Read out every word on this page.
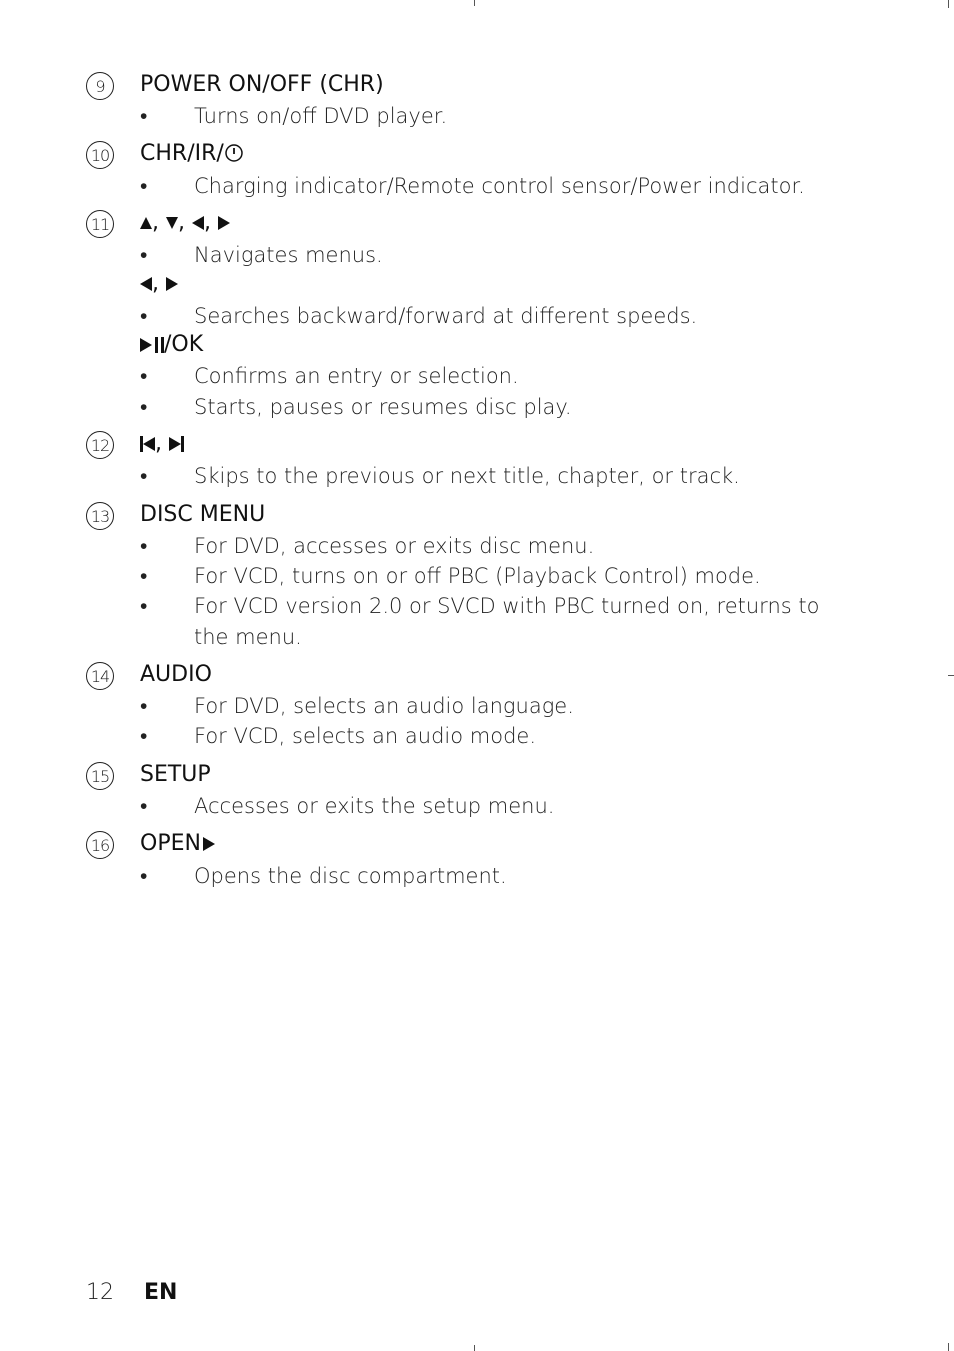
9	POWER ON/OFF (CHR)
•	Turns on/off DVD player.
10 CHR/IR/
•	Charging indicator/Remote control sensor/Power indicator.
11	, , ,
•	Navigates menus.
,
•	Searches backward/forward at different speeds.
/OK
•	Confirms an entry or selection.
•	Starts, pauses or resumes disc play.
12	,
•	Skips to the previous or next title, chapter, or track.
13 DISC MENU
•	For DVD, accesses or exits disc menu.
•	For VCD, turns on or off PBC (Playback Control) mode.
•	For VCD version 2.0 or SVCD with PBC turned on, returns to
the menu.
14 AUDIO
•	For DVD, selects an audio language.
•	For VCD, selects an audio mode.
15 SETUP
•	Accesses or exits the setup menu.
16 OPEN
•	Opens the disc compartment.
12 EN
